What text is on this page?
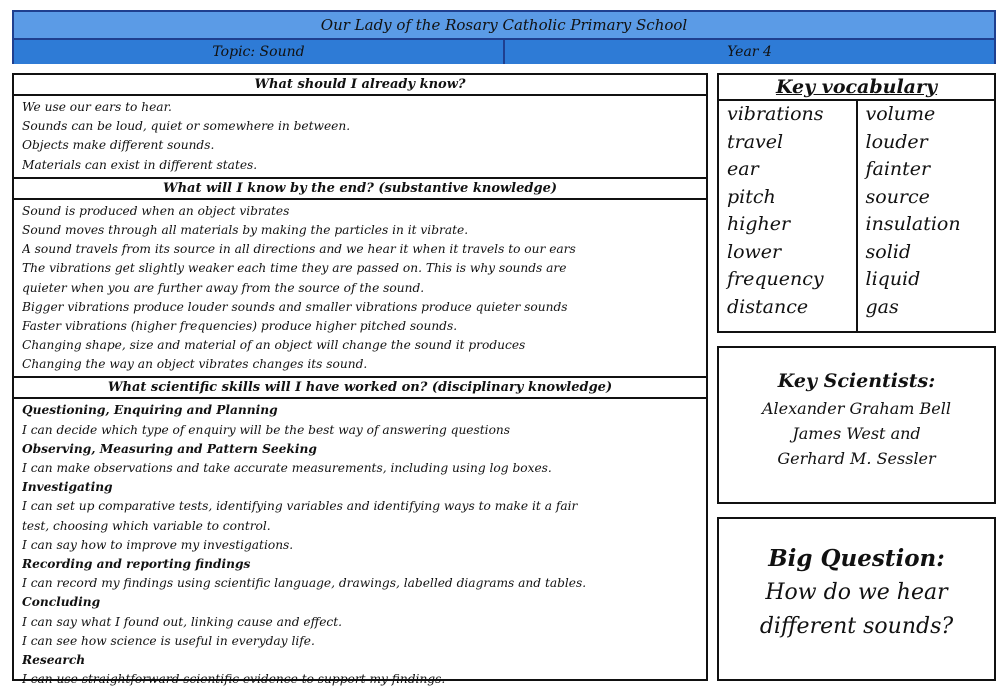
Our Lady of the Rosary Catholic Primary School
Topic: Sound	Year 4
What should I already know?
We use our ears to hear.
Sounds can be loud, quiet or somewhere in between.
Objects make different sounds.
Materials can exist in different states.
What will I know by the end? (substantive knowledge)
Sound is produced when an object vibrates
Sound moves through all materials by making the particles in it vibrate.
A sound travels from its source in all directions and we hear it when it travels to our ears
The vibrations get slightly weaker each time they are passed on. This is why sounds are
quieter when you are further away from the source of the sound.
Bigger vibrations produce louder sounds and smaller vibrations produce quieter sounds
Faster vibrations (higher frequencies) produce higher pitched sounds.
Changing shape, size and material of an object will change the sound it produces
Changing the way an object vibrates changes its sound.
What scientific skills will I have worked on? (disciplinary knowledge)
Questioning, Enquiring and Planning
I can decide which type of enquiry will be the best way of answering questions
Observing, Measuring and Pattern Seeking
I can make observations and take accurate measurements, including using log boxes.
Investigating
I can set up comparative tests, identifying variables and identifying ways to make it a fair
test, choosing which variable to control.
I can say how to improve my investigations.
Recording and reporting findings
I can record my findings using scientific language, drawings, labelled diagrams and tables.
Concluding
I can say what I found out, linking cause and effect.
I can see how science is useful in everyday life.
Research
I can use straightforward scientific evidence to support my findings.
Key vocabulary
vibrations
travel
ear
pitch
higher
lower
frequency
distance
volume
louder
fainter
source
insulation
solid
liquid
gas
Key Scientists:
Alexander Graham Bell
James West and
Gerhard M. Sessler
Big Question:
How do we hear
different sounds?
